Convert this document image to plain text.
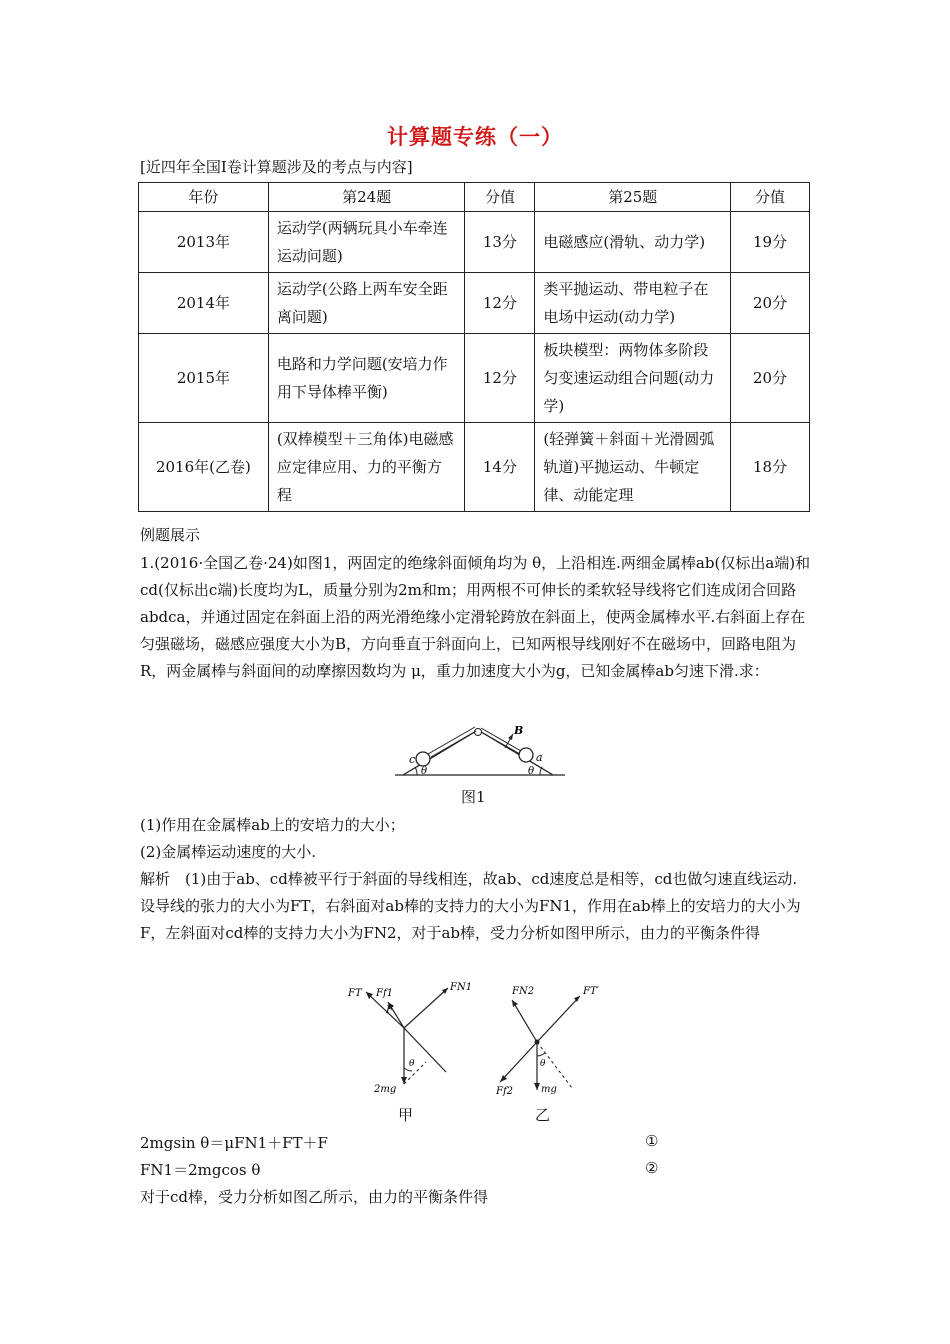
计算题专练（一）
[近四年全国Ⅰ卷计算题涉及的考点与内容]
年份	第24题	分值	第25题	分值
2013年	运动学(两辆玩具小车牵连运动问题)	13分	电磁感应(滑轨、动力学)	19分
2014年	运动学(公路上两车安全距离问题)	12分	类平抛运动、带电粒子在电场中运动(动力学)	20分
2015年	电路和力学问题(安培力作用下导体棒平衡)	12分	板块模型：两物体多阶段匀变速运动组合问题(动力学)	20分
2016年(乙卷)	(双棒模型＋三角体)电磁感应定律应用、力的平衡方程	14分	(轻弹簧＋斜面＋光滑圆弧轨道)平抛运动、牛顿定律、动能定理	18分
例题展示
1.(2016·全国乙卷·24)如图1，两固定的绝缘斜面倾角均为 θ，上沿相连.两细金属棒ab(仅标出a端)和cd(仅标出c端)长度均为L，质量分别为2m和m；用两根不可伸长的柔软轻导线将它们连成闭合回路abdca，并通过固定在斜面上沿的两光滑绝缘小定滑轮跨放在斜面上，使两金属棒水平.右斜面上存在匀强磁场，磁感应强度大小为B，方向垂直于斜面向上，已知两根导线刚好不在磁场中，回路电阻为R，两金属棒与斜面间的动摩擦因数均为 μ，重力加速度大小为g，已知金属棒ab匀速下滑.求：
c	a
B
θ	θ
图1
(1)作用在金属棒ab上的安培力的大小；
(2)金属棒运动速度的大小.
解析　(1)由于ab、cd棒被平行于斜面的导线相连，故ab、cd速度总是相等，cd也做匀速直线运动.设导线的张力的大小为FT，右斜面对ab棒的支持力的大小为FN1，作用在ab棒上的安培力的大小为F，左斜面对cd棒的支持力大小为FN2，对于ab棒，受力分析如图甲所示，由力的平衡条件得
FT Ff1
F
FN1
2mg
θ
FN2	FT′
Ff2	mg
θ
甲	乙
2mgsin θ＝μFN1＋FT＋F	①
FN1＝2mgcos θ	②
对于cd棒，受力分析如图乙所示，由力的平衡条件得
